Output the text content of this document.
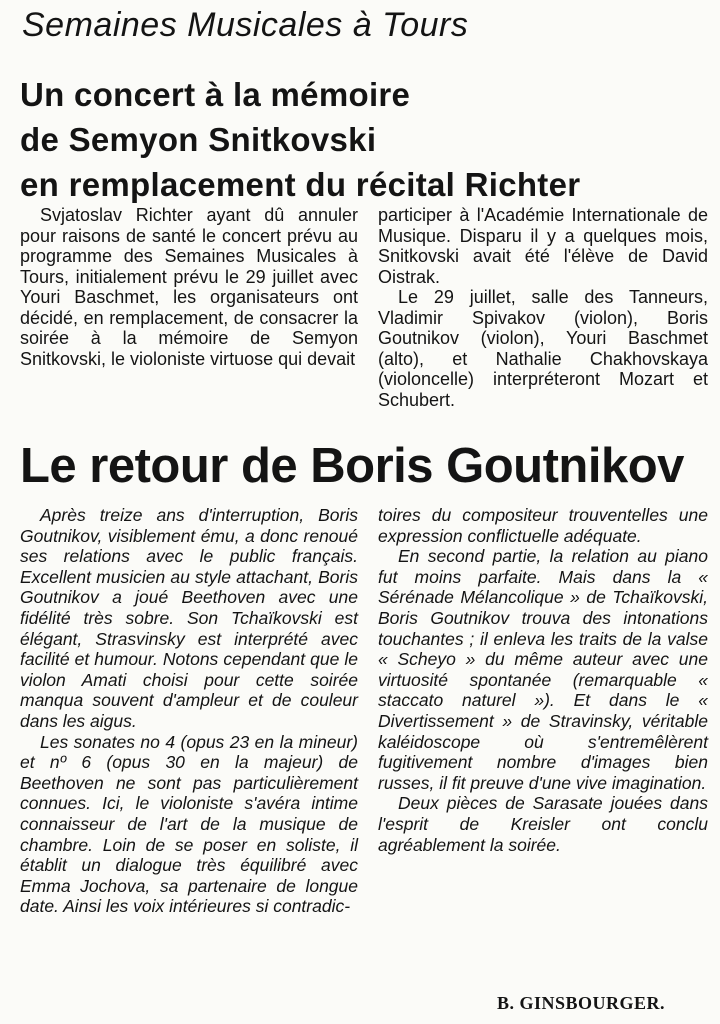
Semaines Musicales à Tours
Un concert à la mémoire
de Semyon Snitkovski
en remplacement du récital Richter

Svjatoslav Richter ayant dû annuler pour raisons de santé le concert prévu au programme des Semaines Musicales à Tours, initialement prévu le 29 juillet avec Youri Baschmet, les organisateurs ont décidé, en remplacement, de consacrer la soirée à la mémoire de Semyon Snitkovski, le violoniste virtuose qui devait

participer à l'Académie Internationale de Musique. Disparu il y a quelques mois, Snitkovski avait été l'élève de David Oistrak.

Le 29 juillet, salle des Tanneurs, Vladimir Spivakov (violon), Boris Goutnikov (violon), Youri Baschmet (alto), et Nathalie Chakhovskaya (violoncelle) interpréteront Mozart et Schubert.

Le retour de Boris Goutnikov

Après treize ans d'interruption, Boris Goutnikov, visiblement ému, a donc renoué ses relations avec le public français. Excellent musicien au style attachant, Boris Goutnikov a joué Beethoven avec une fidélité très sobre. Son Tchaïkovski est élégant, Strasvinsky est interprété avec facilité et humour. Notons cependant que le violon Amati choisi pour cette soirée manqua souvent d'ampleur et de couleur dans les aigus.

Les sonates no 4 (opus 23 en la mineur) et nº 6 (opus 30 en la majeur) de Beethoven ne sont pas particulièrement connues. Ici, le violoniste s'avéra intime connaisseur de l'art de la musique de chambre. Loin de se poser en soliste, il établit un dialogue très équilibré avec Emma Jochova, sa partenaire de longue date. Ainsi les voix intérieures si contradic-

toires du compositeur trouventelles une expression conflictuelle adéquate.

En second partie, la relation au piano fut moins parfaite. Mais dans la « Sérénade Mélancolique » de Tchaïkovski, Boris Goutnikov trouva des intonations touchantes ; il enleva les traits de la valse « Scheyo » du même auteur avec une virtuosité spontanée (remarquable « staccato naturel »). Et dans le « Divertissement » de Stravinsky, véritable kaléidoscope où s'entremêlèrent fugitivement nombre d'images bien russes, il fit preuve d'une vive imagination.

Deux pièces de Sarasate jouées dans l'esprit de Kreisler ont conclu agréablement la soirée.

B. GINSBOURGER.
